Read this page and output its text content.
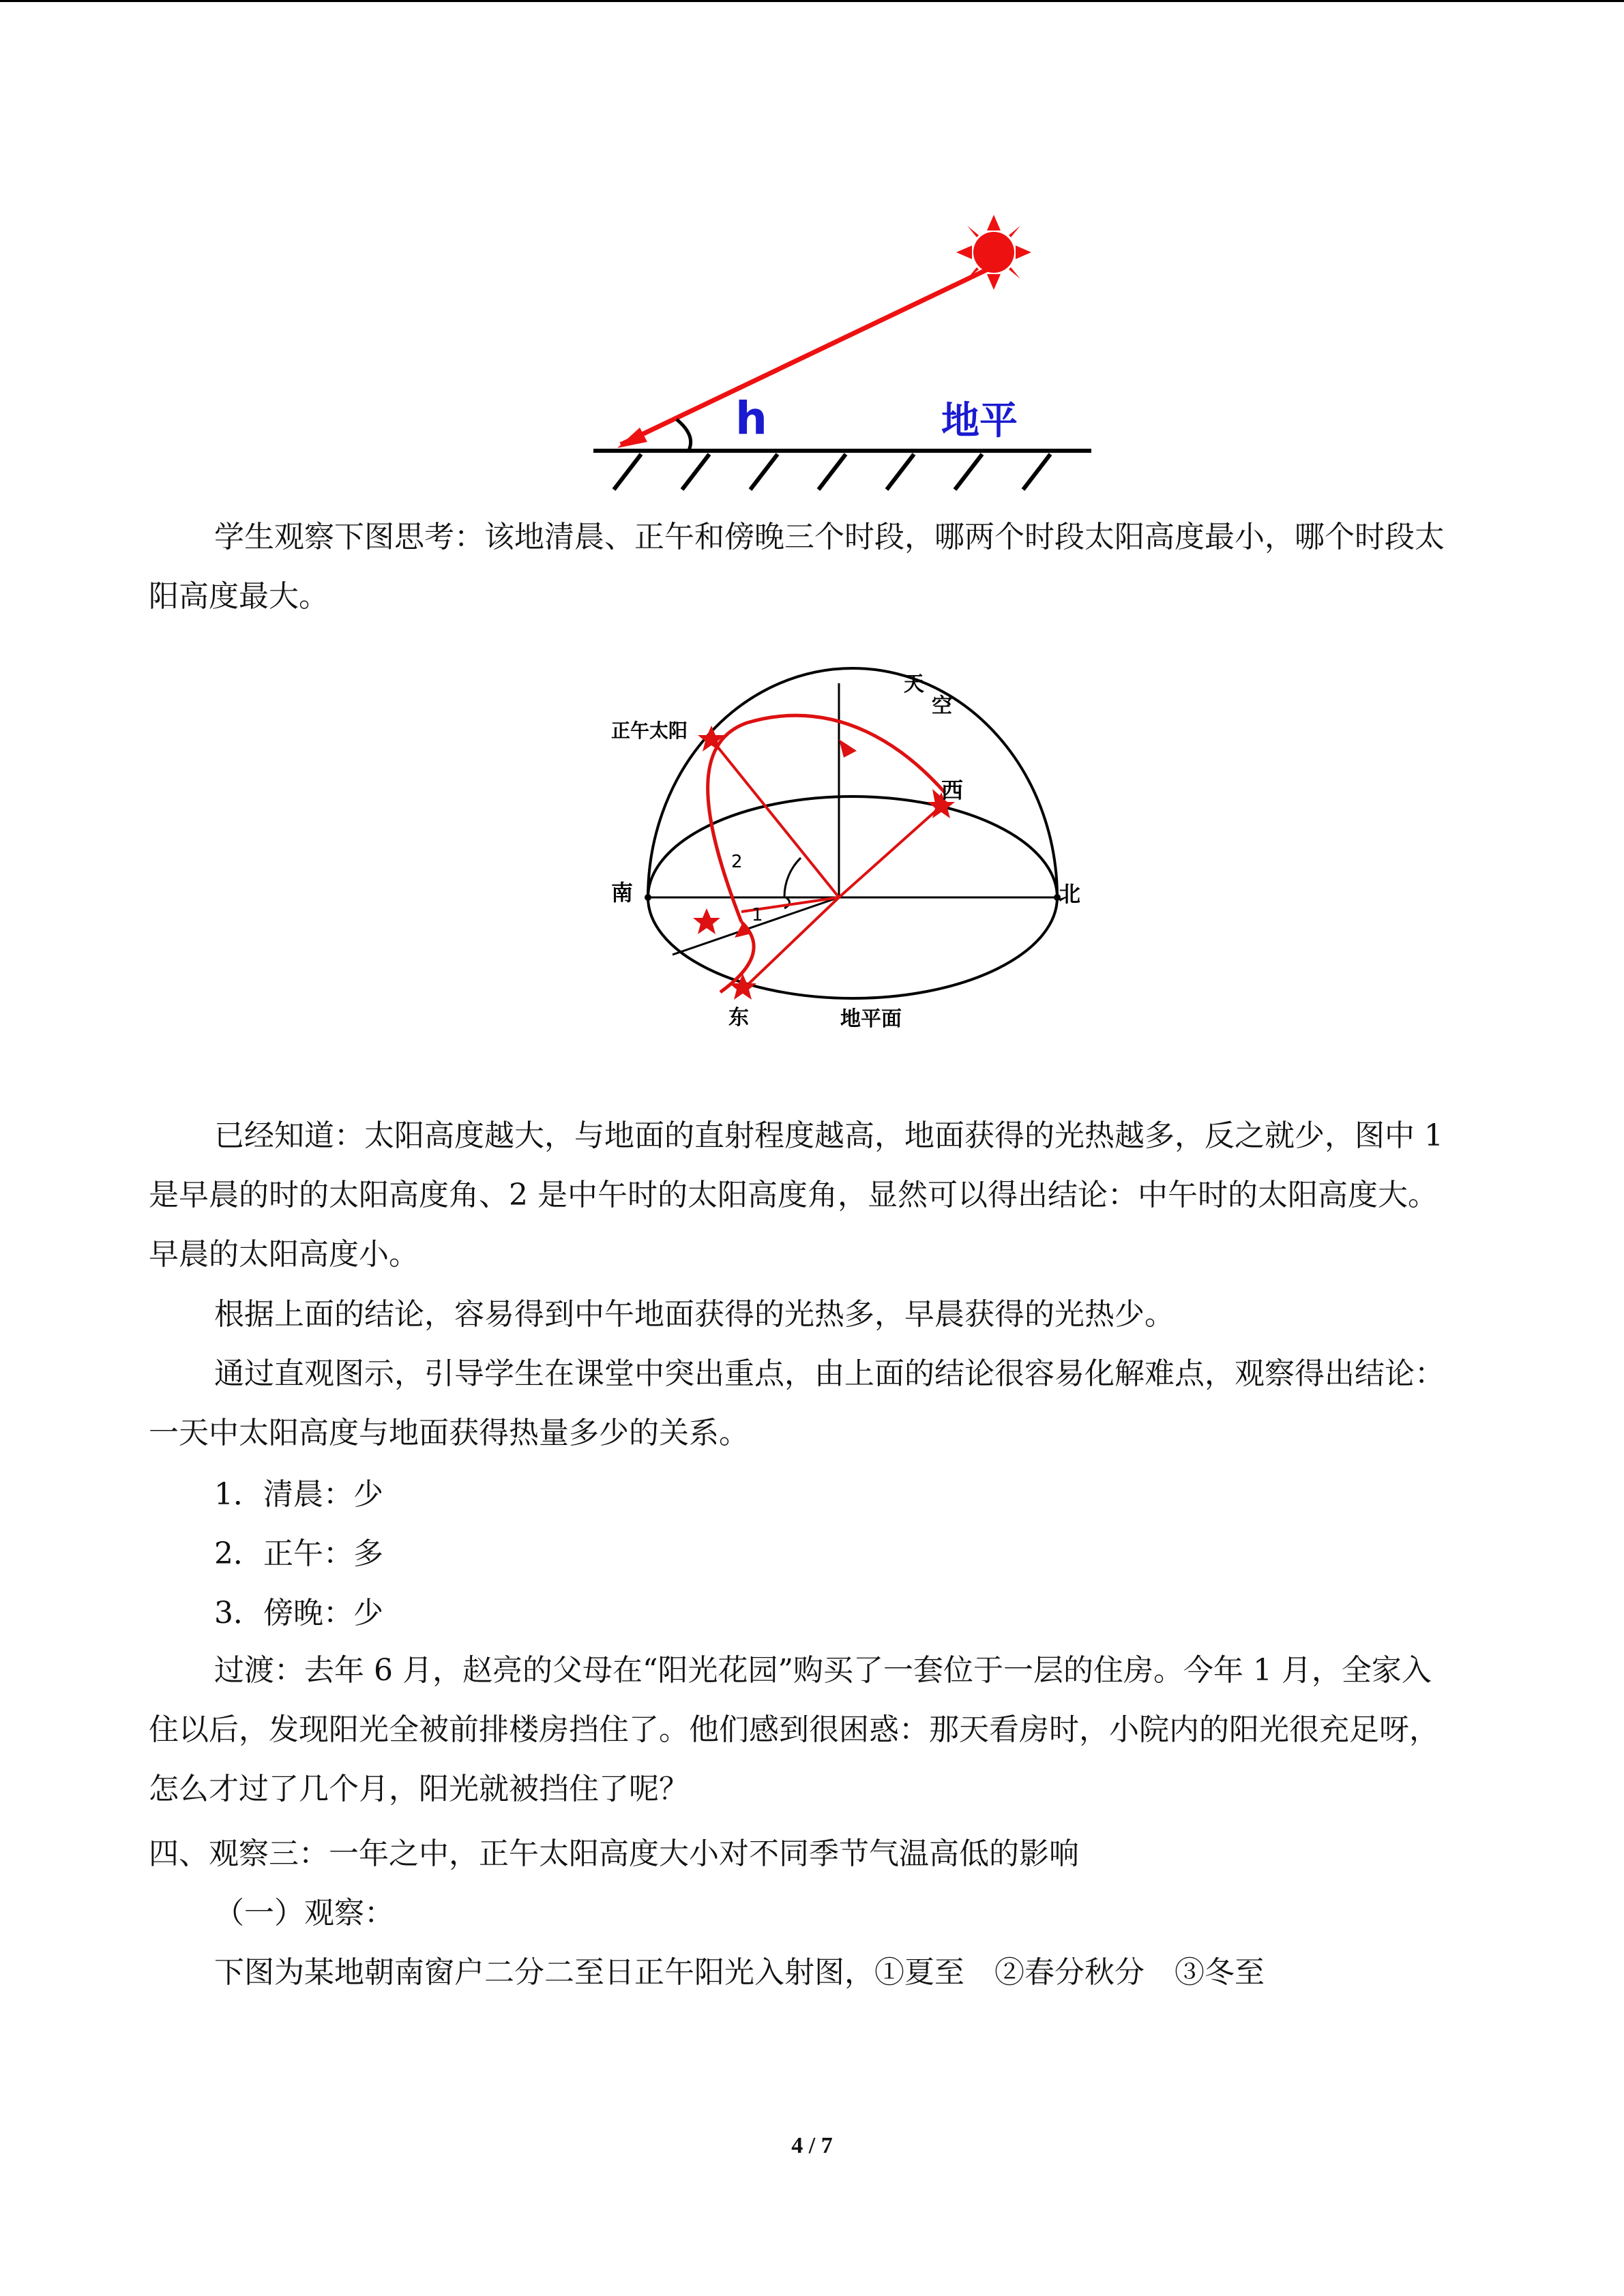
h	地平

学生观察下图思考：该地清晨、正午和傍晚三个时段，哪两个时段太阳高度最小，哪个时段太阳高度最大。

正午太阳
天
空
西
南	北
东	地平面
1
2

已经知道：太阳高度越大，与地面的直射程度越高，地面获得的光热越多，反之就少，图中 1 是早晨的时的太阳高度角、2 是中午时的太阳高度角，显然可以得出结论：中午时的太阳高度大。早晨的太阳高度小。

根据上面的结论，容易得到中午地面获得的光热多，早晨获得的光热少。

通过直观图示，引导学生在课堂中突出重点，由上面的结论很容易化解难点，观察得出结论：一天中太阳高度与地面获得热量多少的关系。

1．清晨：少

2．正午：多

3．傍晚：少

过渡：去年 6 月，赵亮的父母在“阳光花园”购买了一套位于一层的住房。今年 1 月，全家入住以后，发现阳光全被前排楼房挡住了。他们感到很困惑：那天看房时，小院内的阳光很充足呀，怎么才过了几个月，阳光就被挡住了呢？

四、观察三：一年之中，正午太阳高度大小对不同季节气温高低的影响

（一）观察：

下图为某地朝南窗户二分二至日正午阳光入射图，①夏至　②春分秋分　③冬至

4 / 7
